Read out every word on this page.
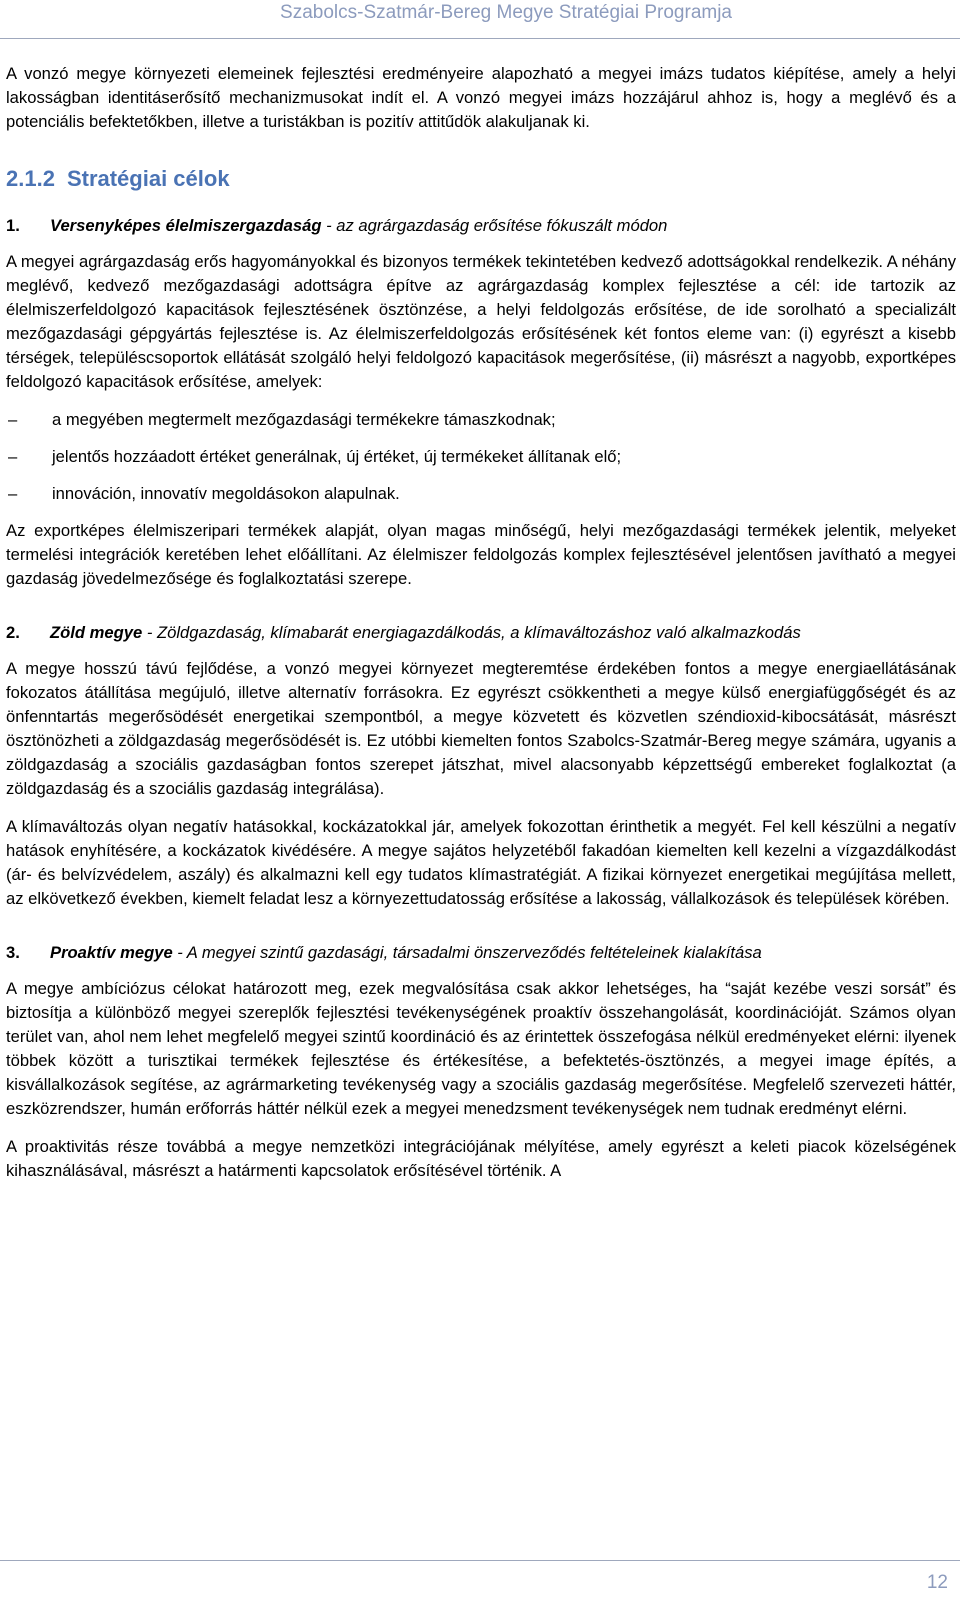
Szabolcs-Szatmár-Bereg Megye Stratégiai Programja

A vonzó megye környezeti elemeinek fejlesztési eredményeire alapozható a megyei imázs tudatos kiépítése, amely a helyi lakosságban identitáserősítő mechanizmusokat indít el. A vonzó megyei imázs hozzájárul ahhoz is, hogy a meglévő és a potenciális befektetőkben, illetve a turistákban is pozitív attitűdök alakuljanak ki.

2.1.2 Stratégiai célok
1.	Versenyképes élelmiszergazdaság - az agrárgazdaság erősítése fókuszált módon

A megyei agrárgazdaság erős hagyományokkal és bizonyos termékek tekintetében kedvező adottságokkal rendelkezik. A néhány meglévő, kedvező mezőgazdasági adottságra építve az agrárgazdaság komplex fejlesztése a cél: ide tartozik az élelmiszerfeldolgozó kapacitások fejlesztésének ösztönzése, a helyi feldolgozás erősítése, de ide sorolható a specializált mezőgazdasági gépgyártás fejlesztése is. Az élelmiszerfeldolgozás erősítésének két fontos eleme van: (i) egyrészt a kisebb térségek, településcsoportok ellátását szolgáló helyi feldolgozó kapacitások megerősítése, (ii) másrészt a nagyobb, exportképes feldolgozó kapacitások erősítése, amelyek:

–	a megyében megtermelt mezőgazdasági termékekre támaszkodnak;
–	jelentős hozzáadott értéket generálnak, új értéket, új termékeket állítanak elő;
–	innováción, innovatív megoldásokon alapulnak.

Az exportképes élelmiszeripari termékek alapját, olyan magas minőségű, helyi mezőgazdasági termékek jelentik, melyeket termelési integrációk keretében lehet előállítani. Az élelmiszer feldolgozás komplex fejlesztésével jelentősen javítható a megyei gazdaság jövedelmezősége és foglalkoztatási szerepe.

2.	Zöld megye - Zöldgazdaság, klímabarát energiagazdálkodás, a klímaváltozáshoz való alkalmazkodás

A megye hosszú távú fejlődése, a vonzó megyei környezet megteremtése érdekében fontos a megye energiaellátásának fokozatos átállítása megújuló, illetve alternatív forrásokra. Ez egyrészt csökkentheti a megye külső energiafüggőségét és az önfenntartás megerősödését energetikai szempontból, a megye közvetett és közvetlen széndioxid-kibocsátását, másrészt ösztönözheti a zöldgazdaság megerősödését is. Ez utóbbi kiemelten fontos Szabolcs-Szatmár-Bereg megye számára, ugyanis a zöldgazdaság a szociális gazdaságban fontos szerepet játszhat, mivel alacsonyabb képzettségű embereket foglalkoztat (a zöldgazdaság és a szociális gazdaság integrálása).

A klímaváltozás olyan negatív hatásokkal, kockázatokkal jár, amelyek fokozottan érinthetik a megyét. Fel kell készülni a negatív hatások enyhítésére, a kockázatok kivédésére. A megye sajátos helyzetéből fakadóan kiemelten kell kezelni a vízgazdálkodást (ár- és belvízvédelem, aszály) és alkalmazni kell egy tudatos klímastratégiát. A fizikai környezet energetikai megújítása mellett, az elkövetkező években, kiemelt feladat lesz a környezettudatosság erősítése a lakosság, vállalkozások és települések körében.

3.	Proaktív megye - A megyei szintű gazdasági, társadalmi önszerveződés feltételeinek kialakítása

A megye ambíciózus célokat határozott meg, ezek megvalósítása csak akkor lehetséges, ha “saját kezébe veszi sorsát” és biztosítja a különböző megyei szereplők fejlesztési tevékenységének proaktív összehangolását, koordinációját. Számos olyan terület van, ahol nem lehet megfelelő megyei szintű koordináció és az érintettek összefogása nélkül eredményeket elérni: ilyenek többek között a turisztikai termékek fejlesztése és értékesítése, a befektetés-ösztönzés, a megyei image építés, a kisvállalkozások segítése, az agrármarketing tevékenység vagy a szociális gazdaság megerősítése. Megfelelő szervezeti háttér, eszközrendszer, humán erőforrás háttér nélkül ezek a megyei menedzsment tevékenységek nem tudnak eredményt elérni.

A proaktivitás része továbbá a megye nemzetközi integrációjának mélyítése, amely egyrészt a keleti piacok közelségének kihasználásával, másrészt a határmenti kapcsolatok erősítésével történik. A

12
